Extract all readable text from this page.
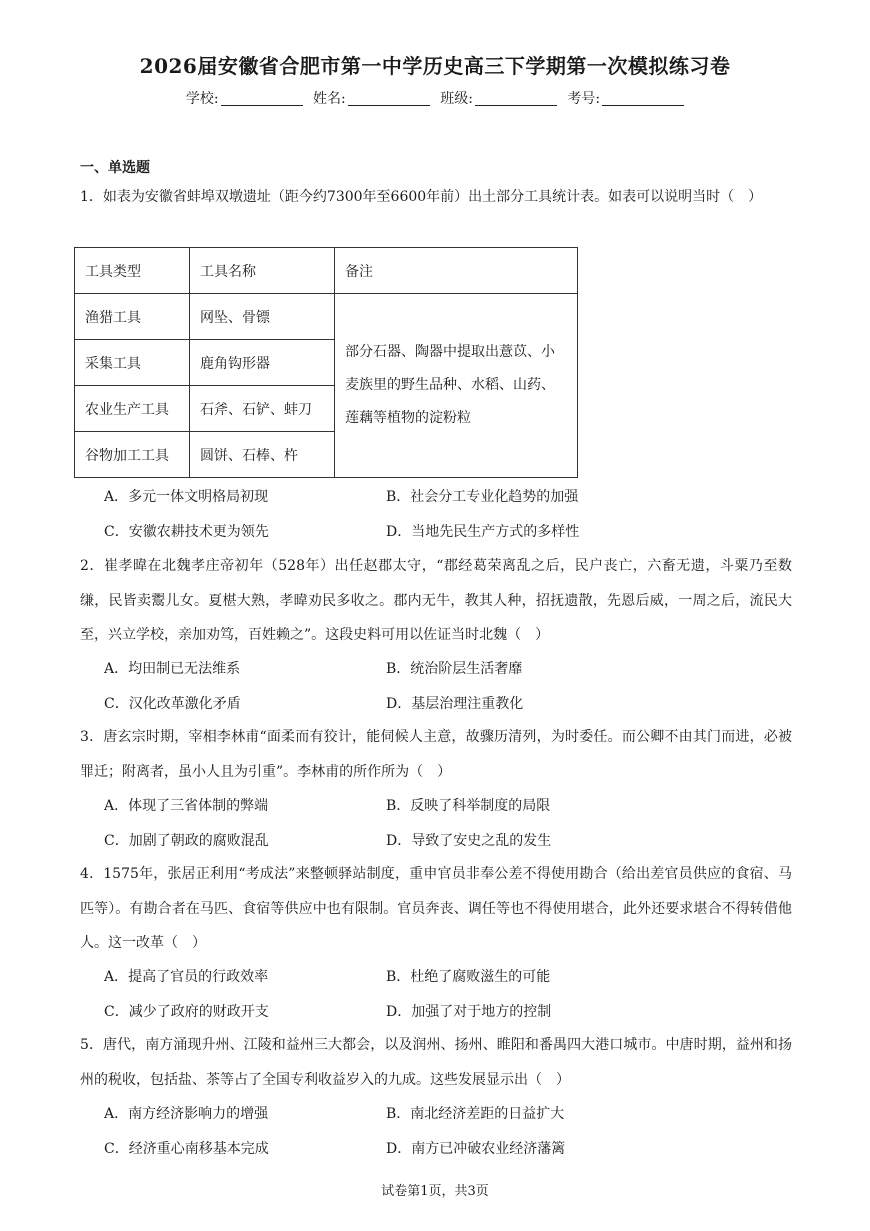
2026届安徽省合肥市第一中学历史高三下学期第一次模拟练习卷
学校:	姓名:	班级:	考号:
一、单选题
1．如表为安徽省蚌埠双墩遗址（距今约7300年至6600年前）出土部分工具统计表。如表可以说明当时（　）
工具类型	工具名称	备注
渔猎工具	网坠、骨镖	部分石器、陶器中提取出薏苡、小麦族里的野生品种、水稻、山药、莲藕等植物的淀粉粒
采集工具	鹿角钩形器	
农业生产工具	石斧、石铲、蚌刀	
谷物加工工具	圆饼、石棒、杵	
A．多元一体文明格局初现	B．社会分工专业化趋势的加强
C．安徽农耕技术更为领先	D．当地先民生产方式的多样性
2．崔孝暐在北魏孝庄帝初年（528年）出任赵郡太守，“郡经葛荣离乱之后，民户丧亡，六畜无遗，斗粟乃至数缣，民皆卖鬻儿女。夏椹大熟，孝暐劝民多收之。郡内无牛，教其人种，招抚遗散，先恩后威，一周之后，流民大至，兴立学校，亲加劝笃，百姓赖之”。这段史料可用以佐证当时北魏（　）
A．均田制已无法维系	B．统治阶层生活奢靡
C．汉化改革激化矛盾	D．基层治理注重教化
3．唐玄宗时期，宰相李林甫“面柔而有狡计，能伺候人主意，故骤历清列，为时委任。而公卿不由其门而进，必被罪迁；附离者，虽小人且为引重”。李林甫的所作所为（　）
A．体现了三省体制的弊端	B．反映了科举制度的局限
C．加剧了朝政的腐败混乱	D．导致了安史之乱的发生
4．1575年，张居正利用“考成法”来整顿驿站制度，重申官员非奉公差不得使用勘合（给出差官员供应的食宿、马匹等）。有勘合者在马匹、食宿等供应中也有限制。官员奔丧、调任等也不得使用堪合，此外还要求堪合不得转借他人。这一改革（　）
A．提高了官员的行政效率	B．杜绝了腐败滋生的可能
C．减少了政府的财政开支	D．加强了对于地方的控制
5．唐代，南方涌现升州、江陵和益州三大都会，以及润州、扬州、睢阳和番禺四大港口城市。中唐时期，益州和扬州的税收，包括盐、茶等占了全国专利收益岁入的九成。这些发展显示出（　）
A．南方经济影响力的增强	B．南北经济差距的日益扩大
C．经济重心南移基本完成	D．南方已冲破农业经济藩篱
试卷第1页，共3页
